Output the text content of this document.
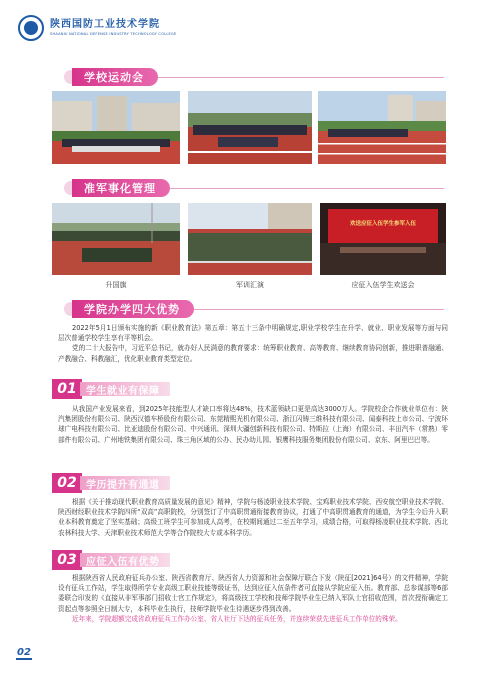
陕西国防工业技术学院
SHAANXI NATIONAL DEFENSE INDUSTRY TECHNOLOGY COLLEGE
学校运动会
准军事化管理
欢送应征入伍学生参军入伍
升国旗	军训汇演	应征入伍学生欢送会
学院办学四大优势

2022年5月1日颁布实施的新《职业教育法》第五章：第五十三条中明确规定,职业学校学生在升学、就业、职业发展等方面与同层次普通学校学生享有平等机会。

党的二十大报告中，习近平总书记，就办好人民满意的教育要求：统筹职业教育、高等教育、继续教育协同创新，推进职普融通、产教融合、科教融汇，优化职业教育类型定位。

01 学生就业有保障

从我国产业发展来看，到2025年技能型人才缺口率将达48%，技术蓝领缺口更是高达3000万人。学院校企合作就业单位有：陕汽集团股份有限公司、陕西汉德车桥股份有限公司、东莞精熙光机有限公司、浙江闪铸三维科技有限公司、闻泰科技上市公司、宁波环球广电科技有限公司、比亚迪股份有限公司、中兴通讯、深圳大疆创新科技有限公司、特斯拉（上海）有限公司、丰田汽车（常熟）零部件有限公司、广州地铁集团有限公司、珠三角区域的公办、民办幼儿园、银鹰科技服务集团股份有限公司、京东、阿里巴巴等。

02 学历提升有通道

根据《关于推动现代职业教育高质量发展的意见》精神，学院与杨凌职业技术学院、宝鸡职业技术学院、西安航空职业技术学院、陕西财经职业技术学院四所“双高”高职院校，分别签订了中高职贯通衔接教育协议，打通了中高职贯通教育的通道，为学生今后升入职业本科教育奠定了坚实基础；高级工班学生可参加成人高考，在校期间通过二至五年学习，成绩合格，可取得杨凌职业技术学院、西北农林科技大学、天津职业技术师范大学等合作院校大专或本科学历。

03 应征入伍有优势

根据陕西省人民政府征兵办公室、陕西省教育厅、陕西省人力资源和社会保障厅联合下发（陕征[2021]64号）的文件精神，学院设有征兵工作站，学生取得所学专业高级工职业技能等级证书，达到应征入伍条件者可直接从学院应征入伍。教育部、总参谋部等6部委联合印发的《直接从非军事部门招收士官工作规定》，将高级技工学校和技师学院毕业生已纳入军队士官招收范围，首次授衔确定工资起点等参照全日制大专，本科毕业生执行，技师学院毕业生待遇逐步得到改善。

近年来，学院超额完成省政府征兵工作办公室、省人社厅下达的征兵任务，并连续荣获先进征兵工作单位的殊荣。

02
